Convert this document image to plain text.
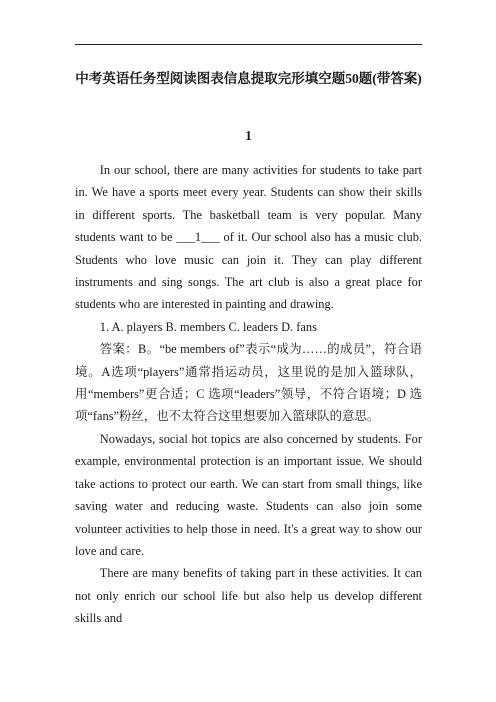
中考英语任务型阅读图表信息提取完形填空题50题(带答案)
1

In our school, there are many activities for students to take part in. We have a sports meet every year. Students can show their skills in different sports. The basketball team is very popular. Many students want to be ___1___ of it. Our school also has a music club. Students who love music can join it. They can play different instruments and sing songs. The art club is also a great place for students who are interested in painting and drawing.

1. A. players B. members C. leaders D. fans

答案：B。“be members of”表示“成为……的成员”，符合语境。A选项“players”通常指运动员，这里说的是加入篮球队，用“members”更合适；C 选项“leaders”领导，不符合语境；D 选项“fans”粉丝，也不太符合这里想要加入篮球队的意思。

Nowadays, social hot topics are also concerned by students. For example, environmental protection is an important issue. We should take actions to protect our earth. We can start from small things, like saving water and reducing waste. Students can also join some volunteer activities to help those in need. It's a great way to show our love and care.

There are many benefits of taking part in these activities. It can not only enrich our school life but also help us develop different skills and
